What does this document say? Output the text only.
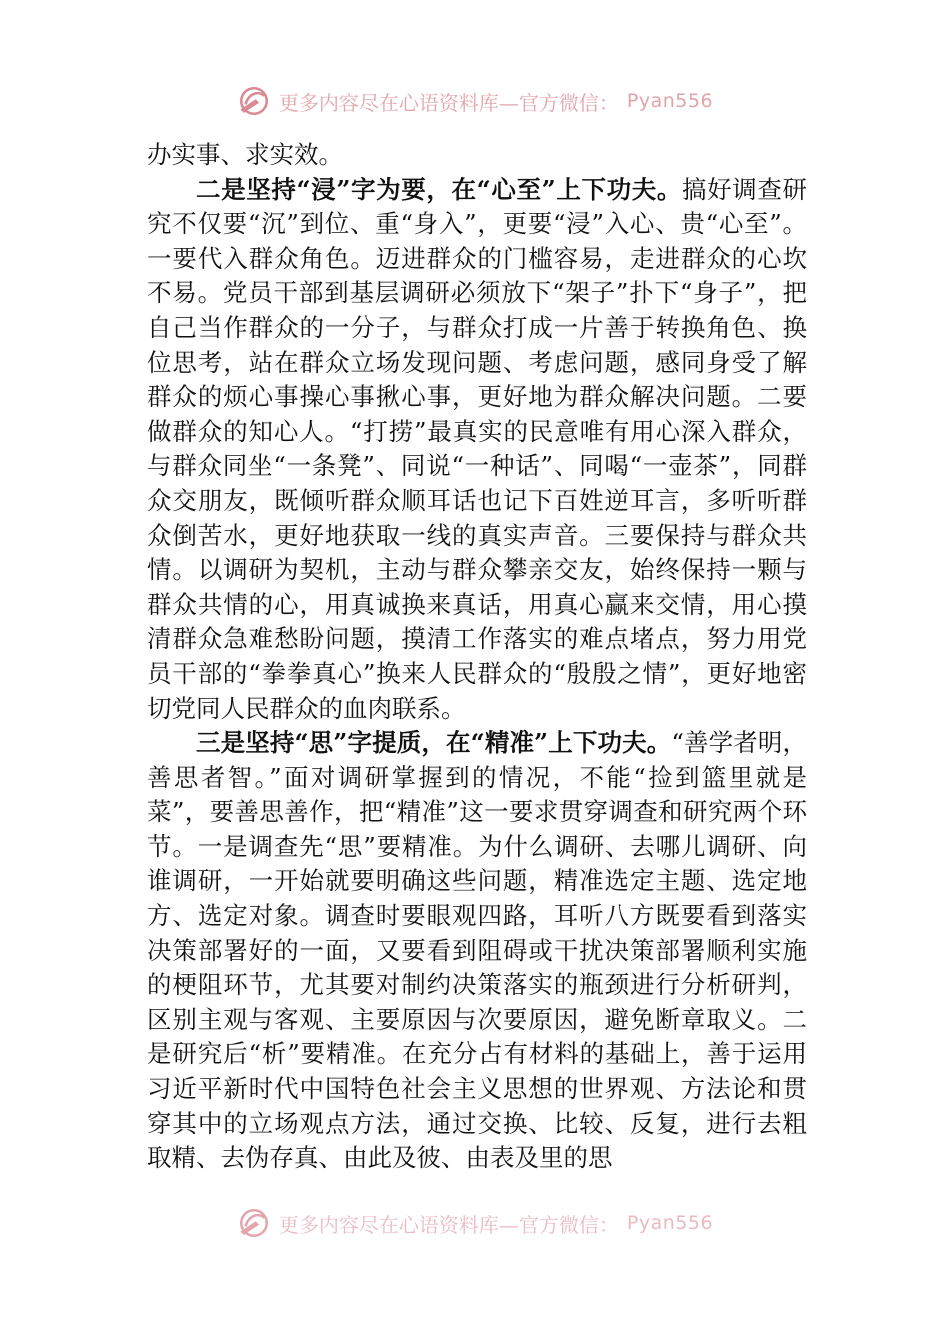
更多内容尽在心语资料库—官方微信： Pyan556

办实事、求实效。

二是坚持“浸”字为要，在“心至”上下功夫。搞好调查研究不仅要“沉”到位、重“身入”，更要“浸”入心、贵“心至”。一要代入群众角色。迈进群众的门槛容易，走进群众的心坎不易。党员干部到基层调研必须放下“架子”扑下“身子”，把自己当作群众的一分子，与群众打成一片善于转换角色、换位思考，站在群众立场发现问题、考虑问题，感同身受了解群众的烦心事操心事揪心事，更好地为群众解决问题。二要做群众的知心人。“打捞”最真实的民意唯有用心深入群众，与群众同坐“一条凳”、同说“一种话”、同喝“一壶茶”，同群众交朋友，既倾听群众顺耳话也记下百姓逆耳言，多听听群众倒苦水，更好地获取一线的真实声音。三要保持与群众共情。以调研为契机，主动与群众攀亲交友，始终保持一颗与群众共情的心，用真诚换来真话，用真心赢来交情，用心摸清群众急难愁盼问题，摸清工作落实的难点堵点，努力用党员干部的“拳拳真心”换来人民群众的“殷殷之情”，更好地密切党同人民群众的血肉联系。

三是坚持“思”字提质，在“精准”上下功夫。“善学者明，善思者智。”面对调研掌握到的情况，不能“捡到篮里就是菜”，要善思善作，把“精准”这一要求贯穿调查和研究两个环节。一是调查先“思”要精准。为什么调研、去哪儿调研、向谁调研，一开始就要明确这些问题，精准选定主题、选定地方、选定对象。调查时要眼观四路，耳听八方既要看到落实决策部署好的一面，又要看到阻碍或干扰决策部署顺利实施的梗阻环节，尤其要对制约决策落实的瓶颈进行分析研判，区别主观与客观、主要原因与次要原因，避免断章取义。二是研究后“析”要精准。在充分占有材料的基础上，善于运用习近平新时代中国特色社会主义思想的世界观、方法论和贯穿其中的立场观点方法，通过交换、比较、反复，进行去粗取精、去伪存真、由此及彼、由表及里的思

更多内容尽在心语资料库—官方微信： Pyan556
